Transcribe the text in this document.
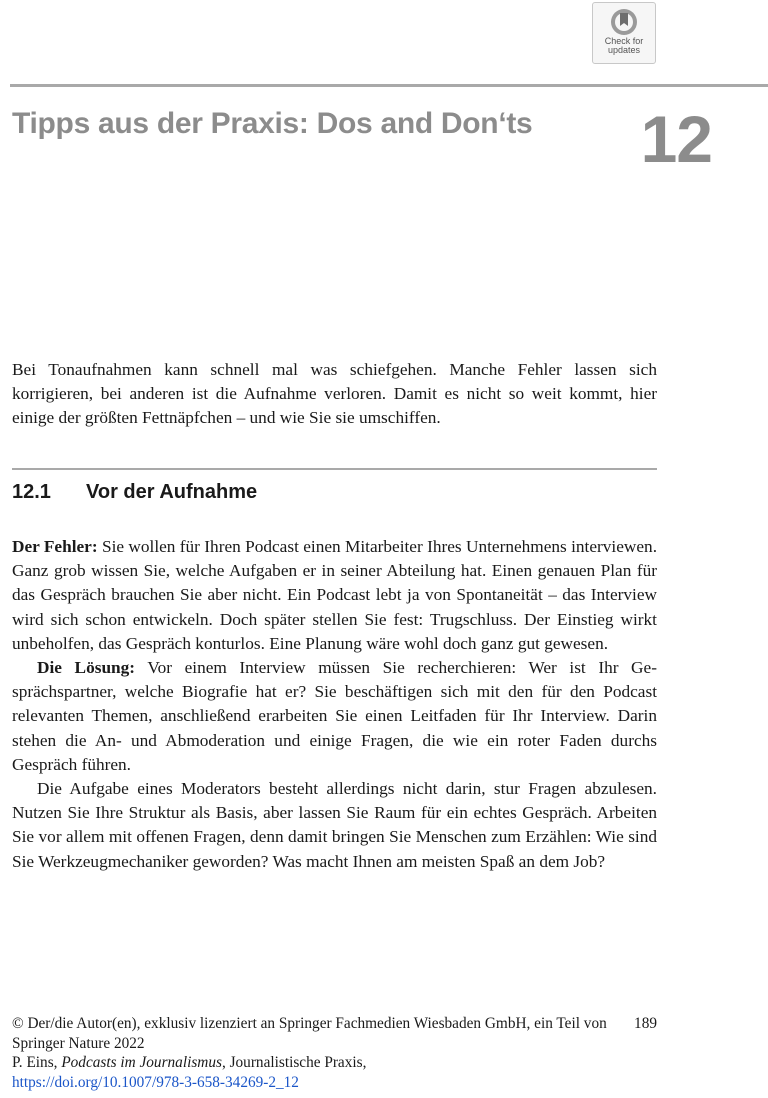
Check for
updates
Tipps aus der Praxis: Dos and Don‘ts 12

Bei Tonaufnahmen kann schnell mal was schiefgehen. Manche Fehler lassen sich korrigieren, bei anderen ist die Aufnahme verloren. Damit es nicht so weit kommt, hier einige der größten Fettnäpfchen – und wie Sie sie umschiffen.

12.1 Vor der Aufnahme

Der Fehler: Sie wollen für Ihren Podcast einen Mitarbeiter Ihres Unternehmens interviewen. Ganz grob wissen Sie, welche Aufgaben er in seiner Abteilung hat. Einen genauen Plan für das Gespräch brauchen Sie aber nicht. Ein Podcast lebt ja von Spontaneität – das Interview wird sich schon entwickeln. Doch später stellen Sie fest: Trugschluss. Der Einstieg wirkt unbeholfen, das Gespräch konturlos. Eine Planung wäre wohl doch ganz gut gewesen.

Die Lösung: Vor einem Interview müssen Sie recherchieren: Wer ist Ihr Gesprächspartner, welche Biografie hat er? Sie beschäftigen sich mit den für den Podcast relevanten Themen, anschließend erarbeiten Sie einen Leitfaden für Ihr Interview. Darin stehen die An- und Abmoderation und einige Fragen, die wie ein roter Faden durchs Gespräch führen.

Die Aufgabe eines Moderators besteht allerdings nicht darin, stur Fragen abzulesen. Nutzen Sie Ihre Struktur als Basis, aber lassen Sie Raum für ein echtes Gespräch. Arbeiten Sie vor allem mit offenen Fragen, denn damit bringen Sie Menschen zum Erzählen: Wie sind Sie Werkzeugmechaniker geworden? Was macht Ihnen am meisten Spaß an dem Job?

189
© Der/die Autor(en), exklusiv lizenziert an Springer Fachmedien Wiesbaden GmbH, ein Teil von Springer Nature 2022
P. Eins, Podcasts im Journalismus, Journalistische Praxis,
https://doi.org/10.1007/978-3-658-34269-2_12
